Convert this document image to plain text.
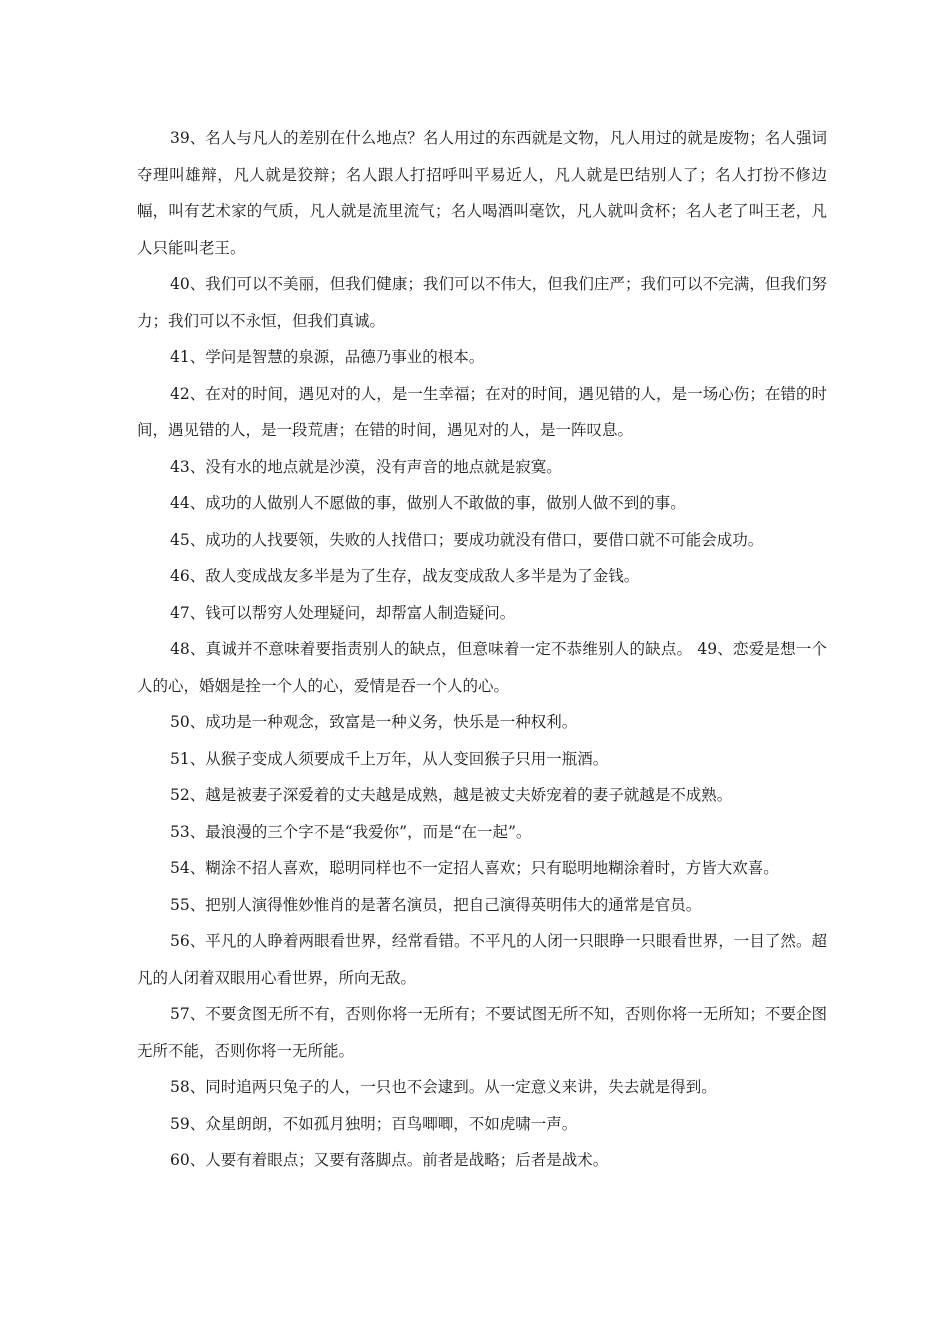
39、名人与凡人的差别在什么地点？名人用过的东西就是文物，凡人用过的就是废物；名人强词夺理叫雄辩，凡人就是狡辩；名人跟人打招呼叫平易近人，凡人就是巴结别人了；名人打扮不修边幅，叫有艺术家的气质，凡人就是流里流气；名人喝酒叫毫饮，凡人就叫贪杯；名人老了叫王老，凡人只能叫老王。

40、我们可以不美丽，但我们健康；我们可以不伟大，但我们庄严；我们可以不完满，但我们努力；我们可以不永恒，但我们真诚。

41、学问是智慧的泉源，品德乃事业的根本。

42、在对的时间，遇见对的人，是一生幸福；在对的时间，遇见错的人，是一场心伤；在错的时间，遇见错的人，是一段荒唐；在错的时间，遇见对的人，是一阵叹息。

43、没有水的地点就是沙漠，没有声音的地点就是寂寞。

44、成功的人做别人不愿做的事，做别人不敢做的事，做别人做不到的事。

45、成功的人找要领，失败的人找借口；要成功就没有借口，要借口就不可能会成功。

46、敌人变成战友多半是为了生存，战友变成敌人多半是为了金钱。

47、钱可以帮穷人处理疑问，却帮富人制造疑问。

48、真诚并不意味着要指责别人的缺点，但意味着一定不恭维别人的缺点。 49、恋爱是想一个人的心，婚姻是拴一个人的心，爱情是吞一个人的心。

50、成功是一种观念，致富是一种义务，快乐是一种权利。

51、从猴子变成人须要成千上万年，从人变回猴子只用一瓶酒。

52、越是被妻子深爱着的丈夫越是成熟，越是被丈夫娇宠着的妻子就越是不成熟。

53、最浪漫的三个字不是“我爱你”，而是“在一起”。

54、糊涂不招人喜欢，聪明同样也不一定招人喜欢；只有聪明地糊涂着时，方皆大欢喜。

55、把别人演得惟妙惟肖的是著名演员，把自己演得英明伟大的通常是官员。

56、平凡的人睁着两眼看世界，经常看错。不平凡的人闭一只眼睁一只眼看世界，一目了然。超凡的人闭着双眼用心看世界，所向无敌。

57、不要贪图无所不有，否则你将一无所有；不要试图无所不知，否则你将一无所知；不要企图无所不能，否则你将一无所能。

58、同时追两只兔子的人，一只也不会逮到。从一定意义来讲，失去就是得到。

59、众星朗朗，不如孤月独明；百鸟唧唧，不如虎啸一声。

60、人要有着眼点；又要有落脚点。前者是战略；后者是战术。
